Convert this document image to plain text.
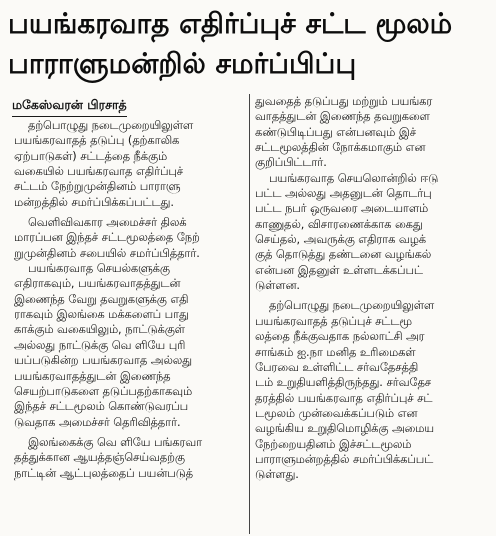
பயங்கரவாத எதிர்ப்புச் சட்ட மூலம்
பாராளுமன்றில் சமர்ப்பிப்பு
மகேஸ்வரன் பிரசாத்
தற்பொழுது நடைமுறையிலுள்ள
பயங்கரவாதத் தடுப்பு (தற்காலிக
ஏற்பாடுகள்) சட்டத்தை நீக்கும்
வகையில் பயங்கரவாத எதிர்ப்புச்
சட்டம் நேற்றுமுன்தினம் பாராளு
மன்றத்தில் சமர்ப்பிக்கப்பட்டது.
வெளிவிவகார அமைச்சர் திலக்
மாரப்பன இந்தச் சட்டமூலத்தை நேற்
றுமுன்தினம் சபையில் சமர்ப்பித்தார்.
பயங்கரவாத செயல்களுக்கு
எதிராகவும், பயங்கரவாதத்துடன்
இணைந்த வேறு தவறுகளுக்கு எதி
ராகவும் இலங்கை மக்களைப் பாது
காக்கும் வகையிலும், நாட்டுக்குள்
அல்லது நாட்டுக்கு வெ ளியே புரி
யப்படுகின்ற பயங்கரவாத அல்லது
பயங்கரவாதத்துடன் இணைந்த
செயற்பாடுகளை தடுப்பதற்காகவும்
இந்தச் சட்டமூலம் கொண்டுவரப்ப
டுவதாக அமைச்சர் தெரிவித்தார்.
இலங்கைக்கு வெ ளியே பங்கரவா
தத்துக்கான ஆயத்தஞ்செய்வதற்கு
நாட்டின் ஆட்புலத்தைப் பயன்படுத்
துவதைத் தடுப்பது மற்றும் பயங்கர
வாதத்துடன் இணைந்த தவறுகளை
கண்டுபிடிப்பது என்பனவும் இச்
சட்டமூலத்தின் நோக்கமாகும் என
குறிப்பிட்டார்.
பயங்கரவாத செயலொன்றில் ஈடு
பட்ட அல்லது அதனுடன் தொடர்பு
பட்ட நபர் ஒருவரை அடையாளம்
காணுதல், விசாரணைக்காக கைது
செய்தல், அவருக்கு எதிராக வழக்
குத் தொடுத்து தண்டனை வழங்கல்
என்பன இதனுள் உள்ளடக்கப்பட்
டுள்ளன.
தற்பொழுது நடைமுறையிலுள்ள
பயங்கரவாதத் தடுப்புச் சட்டமூ
லத்தை நீக்குவதாக நல்லாட்சி அர
சாங்கம் ஐ.நா மனித உரிமைகள்
பேரவை உள்ளிட்ட சர்வதேசத்தி
டம் உறுதியளித்திருந்தது. சர்வதேச
தரத்தில் பயங்கரவாத எதிர்ப்புச் சட்
டமூலம் முன்வைக்கப்படும் என
வழங்கிய உறுதிமொழிக்கு அமைய
நேற்றையதினம் இச்சட்டமூலம்
பாராளுமன்றத்தில் சமர்ப்பிக்கப்பட்
டுள்ளது.
